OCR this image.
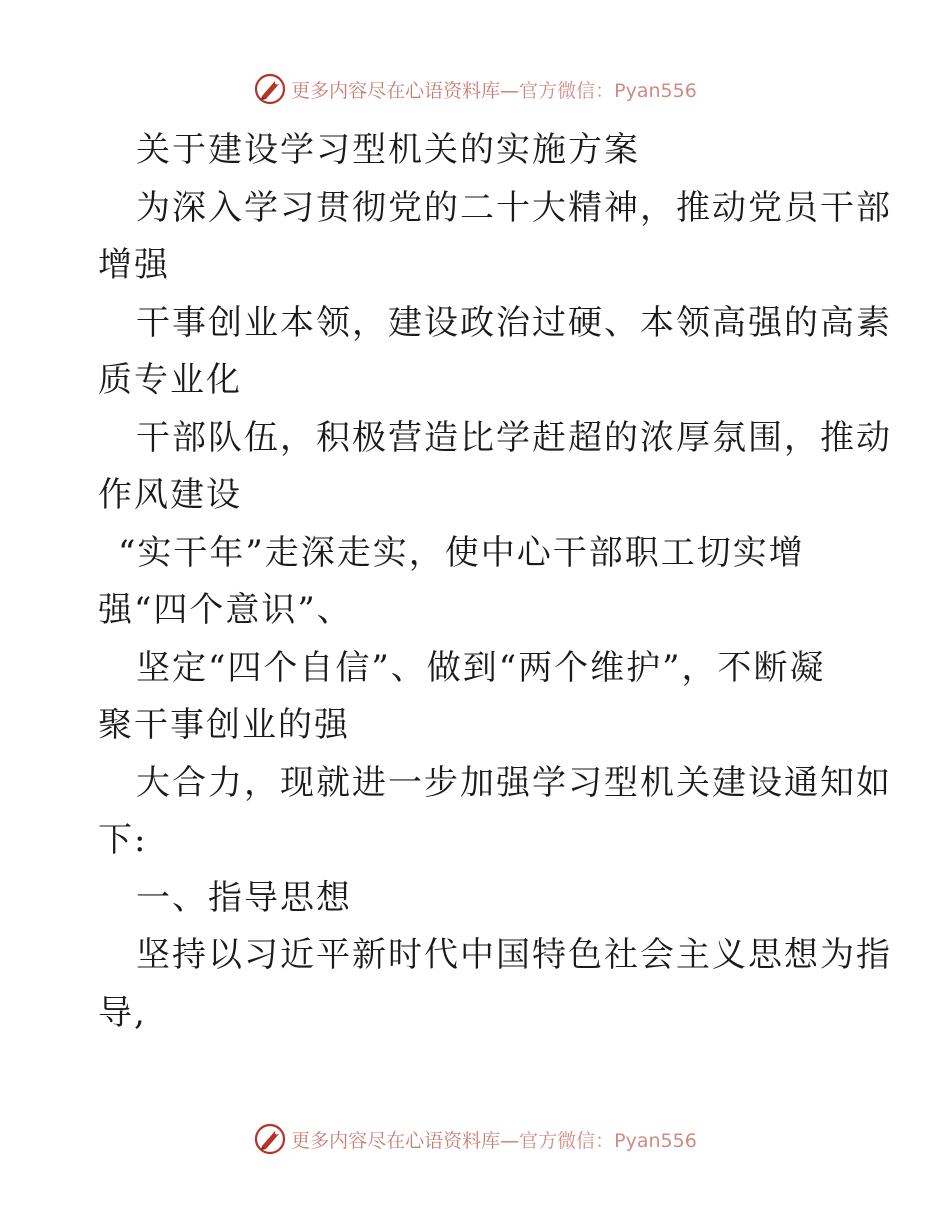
更多内容尽在心语资料库— 官方微信：Pyan556
关于建设学习型机关的实施方案
为深入学习贯彻党的二十大精神，推动党员干部
增强
干事创业本领，建设政治过硬、本领高强的高素
质专业化
干部队伍，积极营造比学赶超的浓厚氛围，推动
作风建设
“实干年”走深走实，使中心干部职工切实增
强“四个意识”、
坚定“四个自信”、做到“两个维护”，不断凝
聚干事创业的强
大合力，现就进一步加强学习型机关建设通知如
下:
一、指导思想
坚持以习近平新时代中国特色社会主义思想为指
导,
更多内容尽在心语资料库— 官方微信：Pyan556
